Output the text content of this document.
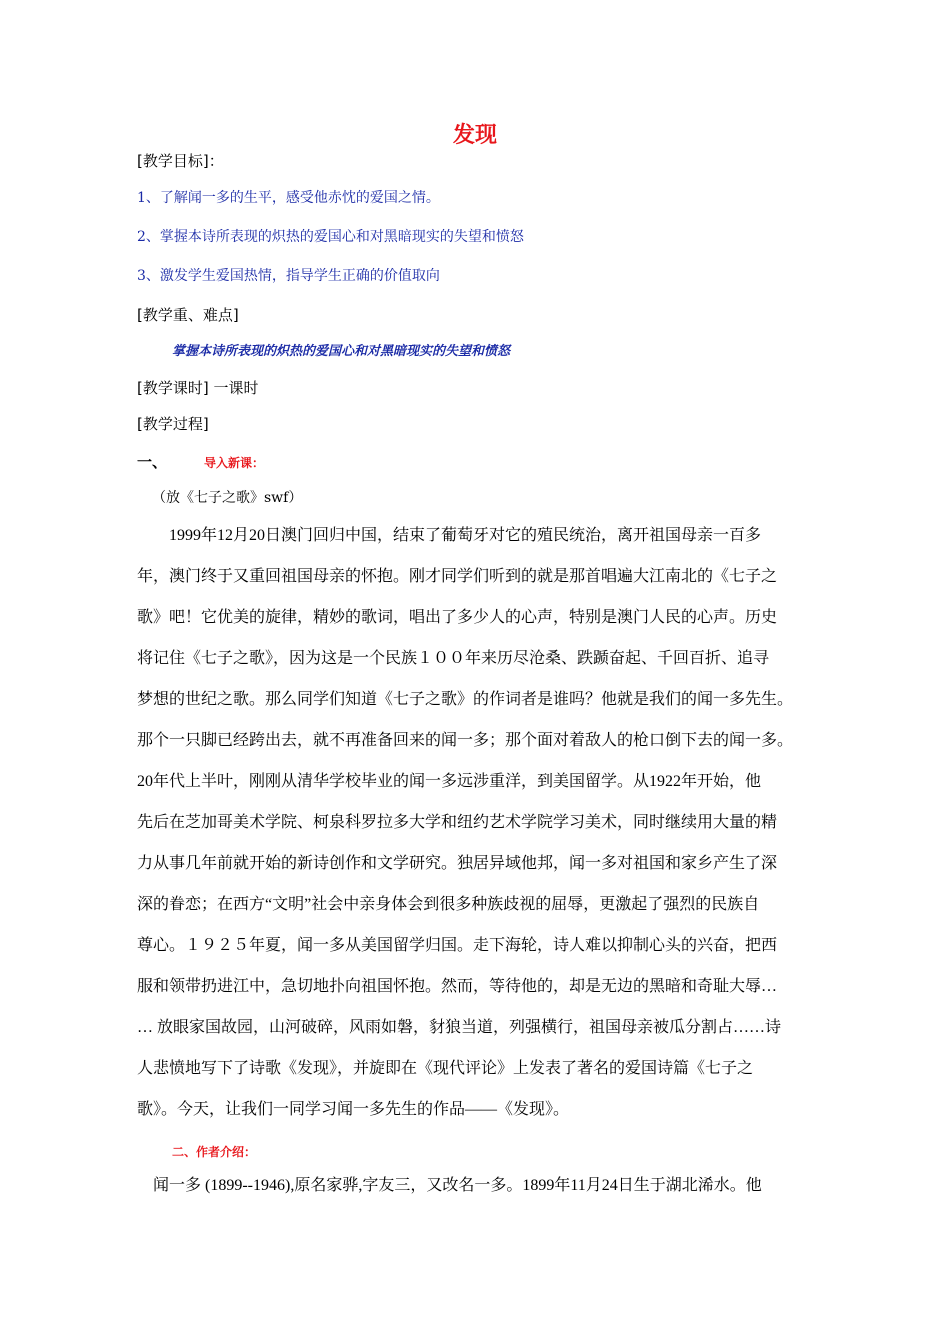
发现
[教学目标]：
1、了解闻一多的生平，感受他赤忱的爱国之情。
2、掌握本诗所表现的炽热的爱国心和对黑暗现实的失望和愤怒
3、激发学生爱国热情，指导学生正确的价值取向
[教学重、难点]
掌握本诗所表现的炽热的爱国心和对黑暗现实的失望和愤怒
[教学课时] 一课时
[教学过程]
一、	导入新课：
（放《七子之歌》swf）
　　1999年12月20日澳门回归中国，结束了葡萄牙对它的殖民统治，离开祖国母亲一百多
年，澳门终于又重回祖国母亲的怀抱。刚才同学们听到的就是那首唱遍大江南北的《七子之
歌》吧！它优美的旋律，精妙的歌词，唱出了多少人的心声，特别是澳门人民的心声。历史
将记住《七子之歌》，因为这是一个民族１００年来历尽沧桑、跌踬奋起、千回百折、追寻
梦想的世纪之歌。那么同学们知道《七子之歌》的作词者是谁吗？他就是我们的闻一多先生。
那个一只脚已经跨出去，就不再准备回来的闻一多；那个面对着敌人的枪口倒下去的闻一多。
20年代上半叶，刚刚从清华学校毕业的闻一多远涉重洋，到美国留学。从1922年开始，他
先后在芝加哥美术学院、柯泉科罗拉多大学和纽约艺术学院学习美术，同时继续用大量的精
力从事几年前就开始的新诗创作和文学研究。独居异域他邦，闻一多对祖国和家乡产生了深
深的眷恋；在西方“文明”社会中亲身体会到很多种族歧视的屈辱，更激起了强烈的民族自
尊心。１９２５年夏，闻一多从美国留学归国。走下海轮，诗人难以抑制心头的兴奋，把西
服和领带扔进江中，急切地扑向祖国怀抱。然而，等待他的，却是无边的黑暗和奇耻大辱…
… 放眼家国故园，山河破碎，风雨如磐，豺狼当道，列强横行，祖国母亲被瓜分割占……诗
人悲愤地写下了诗歌《发现》，并旋即在《现代评论》上发表了著名的爱国诗篇《七子之
歌》。今天，让我们一同学习闻一多先生的作品——《发现》。
二、作者介绍：
　闻一多 (1899--1946),原名家骅,字友三，又改名一多。1899年11月24日生于湖北浠水。他
